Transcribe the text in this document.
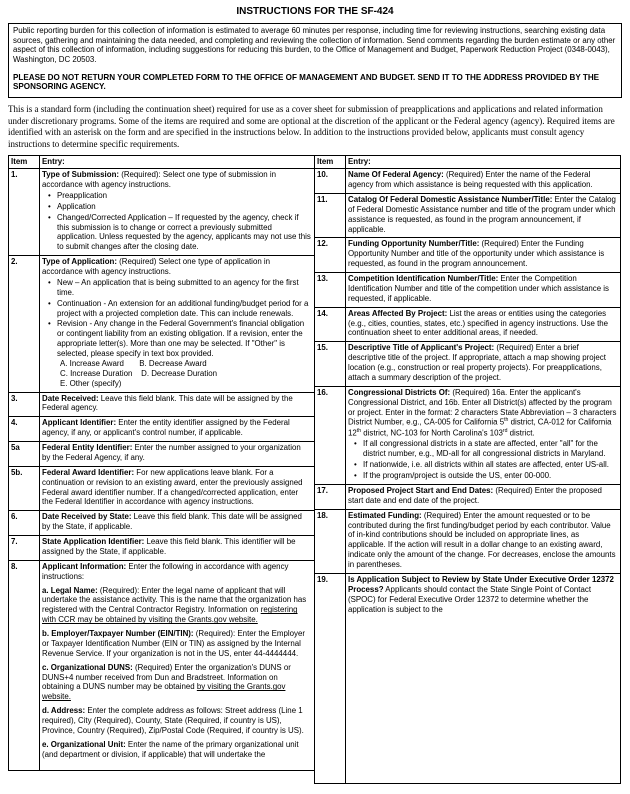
INSTRUCTIONS FOR THE SF-424

Public reporting burden for this collection of information is estimated to average 60 minutes per response, including time for reviewing instructions, searching existing data sources, gathering and maintaining the data needed, and completing and reviewing the collection of information. Send comments regarding the burden estimate or any other aspect of this collection of information, including suggestions for reducing this burden, to the Office of Management and Budget, Paperwork Reduction Project (0348-0043), Washington, DC 20503.

PLEASE DO NOT RETURN YOUR COMPLETED FORM TO THE OFFICE OF MANAGEMENT AND BUDGET. SEND IT TO THE ADDRESS PROVIDED BY THE SPONSORING AGENCY.

This is a standard form (including the continuation sheet) required for use as a cover sheet for submission of preapplications and applications and related information under discretionary programs. Some of the items are required and some are optional at the discretion of the applicant or the Federal agency (agency). Required items are identified with an asterisk on the form and are specified in the instructions below. In addition to the instructions provided below, applicants must consult agency instructions to determine specific requirements.

Item	Entry:
1.	Type of Submission: (Required): Select one type of submission in accordance with agency instructions.
• Preapplication
• Application
• Changed/Corrected Application – If requested by the agency, check if this submission is to change or correct a previously submitted application. Unless requested by the agency, applicants may not use this to submit changes after the closing date.

2.	Type of Application: (Required) Select one type of application in accordance with agency instructions.
• New – An application that is being submitted to an agency for the first time.
• Continuation - An extension for an additional funding/budget period for a project with a projected completion date. This can include renewals.
• Revision - Any change in the Federal Government's financial obligation or contingent liability from an existing obligation. If a revision, enter the appropriate letter(s). More than one may be selected. If "Other" is selected, please specify in text box provided.
A. Increase Award       B. Decrease Award
C. Increase Duration    D. Decrease Duration
E. Other (specify)

3.	Date Received: Leave this field blank. This date will be assigned by the Federal agency.

4.	Applicant Identifier: Enter the entity identifier assigned by the Federal agency, if any, or applicant's control number, if applicable.

5a	Federal Entity Identifier: Enter the number assigned to your organization by the Federal Agency, if any.

5b.	Federal Award Identifier: For new applications leave blank. For a continuation or revision to an existing award, enter the previously assigned Federal award identifier number. If a changed/corrected application, enter the Federal Identifier in accordance with agency instructions.

6.	Date Received by State: Leave this field blank. This date will be assigned by the State, if applicable.

7.	State Application Identifier: Leave this field blank. This identifier will be assigned by the State, if applicable.

8.	Applicant Information: Enter the following in accordance with agency instructions:
a. Legal Name: (Required): Enter the legal name of applicant that will undertake the assistance activity. This is the name that the organization has registered with the Central Contractor Registry. Information on registering with CCR may be obtained by visiting the Grants.gov website.
b. Employer/Taxpayer Number (EIN/TIN): (Required): Enter the Employer or Taxpayer Identification Number (EIN or TIN) as assigned by the Internal Revenue Service. If your organization is not in the US, enter 44-4444444.
c. Organizational DUNS: (Required) Enter the organization's DUNS or DUNS+4 number received from Dun and Bradstreet. Information on obtaining a DUNS number may be obtained by visiting the Grants.gov website.
d. Address: Enter the complete address as follows: Street address (Line 1 required), City (Required), County, State (Required, if country is US), Province, Country (Required), Zip/Postal Code (Required, if country is US).
e. Organizational Unit: Enter the name of the primary organizational unit (and department or division, if applicable) that will undertake the
Item	Entry:
10.	Name Of Federal Agency: (Required) Enter the name of the Federal agency from which assistance is being requested with this application.

11.	Catalog Of Federal Domestic Assistance Number/Title: Enter the Catalog of Federal Domestic Assistance number and title of the program under which assistance is requested, as found in the program announcement, if applicable.

12.	Funding Opportunity Number/Title: (Required) Enter the Funding Opportunity Number and title of the opportunity under which assistance is requested, as found in the program announcement.

13.	Competition Identification Number/Title: Enter the Competition Identification Number and title of the competition under which assistance is requested, if applicable.

14.	Areas Affected By Project: List the areas or entities using the categories (e.g., cities, counties, states, etc.) specified in agency instructions. Use the continuation sheet to enter additional areas, if needed.

15.	Descriptive Title of Applicant's Project: (Required) Enter a brief descriptive title of the project. If appropriate, attach a map showing project location (e.g., construction or real property projects). For preapplications, attach a summary description of the project.

16.	Congressional Districts Of: (Required) 16a. Enter the applicant's Congressional District, and 16b. Enter all District(s) affected by the program or project. Enter in the format: 2 characters State Abbreviation – 3 characters District Number, e.g., CA-005 for California 5th district, CA-012 for California 12th district, NC-103 for North Carolina's 103rd district.
• If all congressional districts in a state are affected, enter "all" for the district number, e.g., MD-all for all congressional districts in Maryland.
• If nationwide, i.e. all districts within all states are affected, enter US-all.
• If the program/project is outside the US, enter 00-000.

17.	Proposed Project Start and End Dates: (Required) Enter the proposed start date and end date of the project.

18.	Estimated Funding: (Required) Enter the amount requested or to be contributed during the first funding/budget period by each contributor. Value of in-kind contributions should be included on appropriate lines, as applicable. If the action will result in a dollar change to an existing award, indicate only the amount of the change. For decreases, enclose the amounts in parentheses.

19.	Is Application Subject to Review by State Under Executive Order 12372 Process? Applicants should contact the State Single Point of Contact (SPOC) for Federal Executive Order 12372 to determine whether the application is subject to the
